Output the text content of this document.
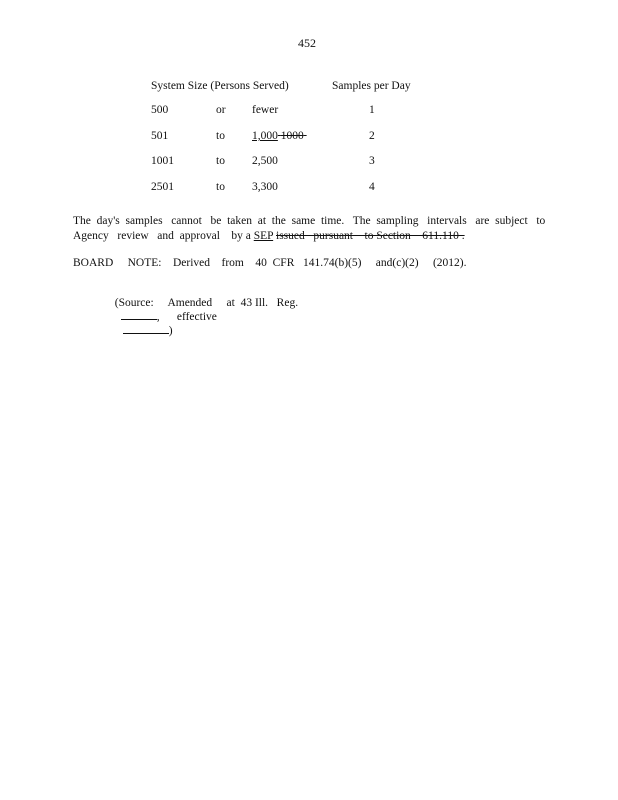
452
System Size (Persons Served)	Samples per Day
500	or fewer	1
501	to 1,000 1000	2
1001	to 2,500	3
2501	to 3,300	4
The  day's  samples   cannot   be  taken  at  the  same  time.   The  sampling   intervals   are  subject   to
Agency   review   and  approval    by a SEP issued   pursuant    to Section    611.110 .
BOARD     NOTE:    Derived    from    40  CFR   141.74(b)(5)     and(c)(2)     (2012).

(Source:     Amended     at  43 Ill.   Reg.
,      effective
)
